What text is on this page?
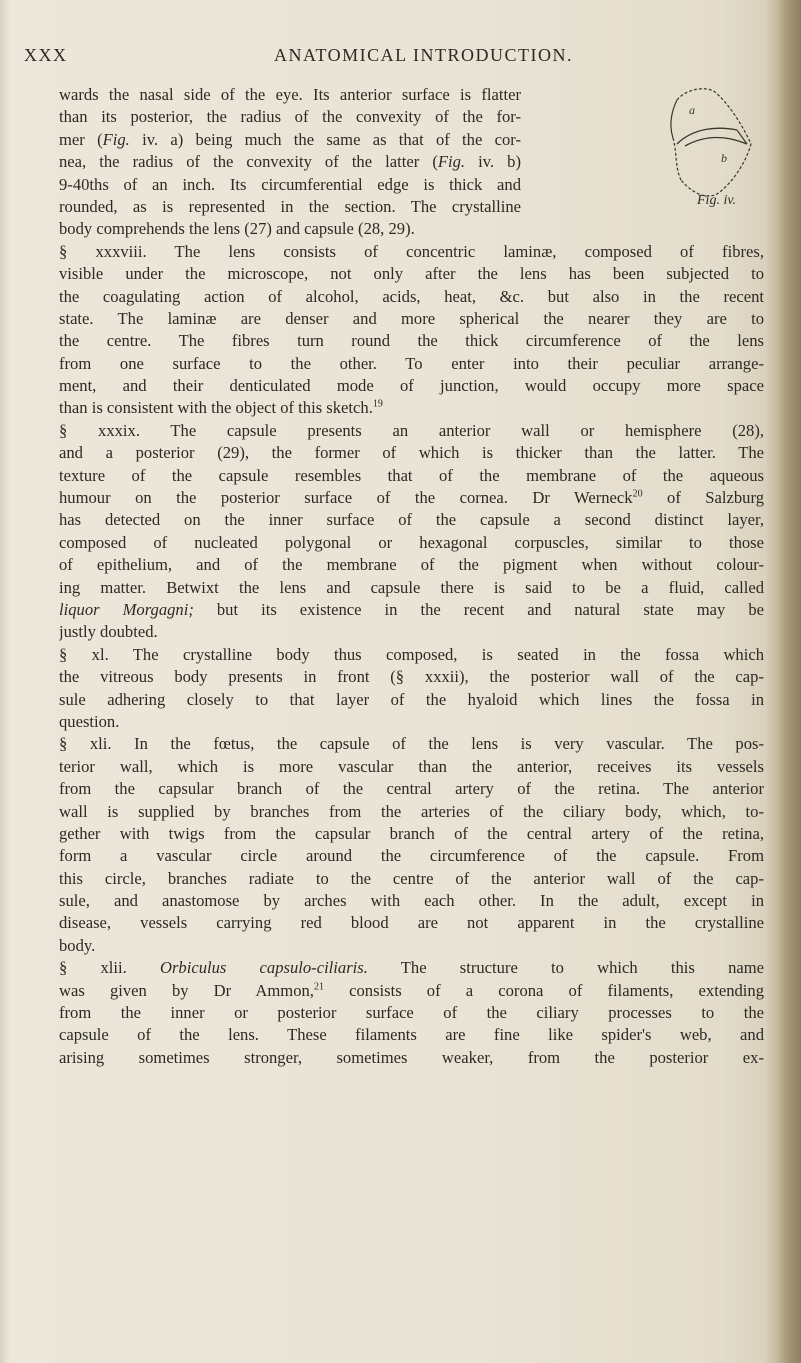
XXX	ANATOMICAL INTRODUCTION.
a
b
Fig. iv.
wards the nasal side of the eye. Its anterior surface is flatter
than its posterior, the radius of the convexity of the for-
mer (Fig. iv. a) being much the same as that of the cor-
nea, the radius of the convexity of the latter (Fig. iv. b)
9-40ths of an inch. Its circumferential edge is thick and
rounded, as is represented in the section. The crystalline
body comprehends the lens (27) and capsule (28, 29).
§ xxxviii. The lens consists of concentric laminæ, composed of fibres,
visible under the microscope, not only after the lens has been subjected to
the coagulating action of alcohol, acids, heat, &c. but also in the recent
state. The laminæ are denser and more spherical the nearer they are to
the centre. The fibres turn round the thick circumference of the lens
from one surface to the other. To enter into their peculiar arrange-
ment, and their denticulated mode of junction, would occupy more space
than is consistent with the object of this sketch.$^{19}$
§ xxxix. The capsule presents an anterior wall or hemisphere (28),
and a posterior (29), the former of which is thicker than the latter. The
texture of the capsule resembles that of the membrane of the aqueous
humour on the posterior surface of the cornea. Dr Werneck$^{20}$ of Salzburg
has detected on the inner surface of the capsule a second distinct layer,
composed of nucleated polygonal or hexagonal corpuscles, similar to those
of epithelium, and of the membrane of the pigment when without colour-
ing matter. Betwixt the lens and capsule there is said to be a fluid, called
liquor Morgagni; but its existence in the recent and natural state may be
justly doubted.
§ xl. The crystalline body thus composed, is seated in the fossa which
the vitreous body presents in front (§ xxxii), the posterior wall of the cap-
sule adhering closely to that layer of the hyaloid which lines the fossa in
question.
§ xli. In the fœtus, the capsule of the lens is very vascular. The pos-
terior wall, which is more vascular than the anterior, receives its vessels
from the capsular branch of the central artery of the retina. The anterior
wall is supplied by branches from the arteries of the ciliary body, which, to-
gether with twigs from the capsular branch of the central artery of the retina,
form a vascular circle around the circumference of the capsule. From
this circle, branches radiate to the centre of the anterior wall of the cap-
sule, and anastomose by arches with each other. In the adult, except in
disease, vessels carrying red blood are not apparent in the crystalline
body.
§ xlii. Orbiculus capsulo-ciliaris. The structure to which this name
was given by Dr Ammon,$^{21}$ consists of a corona of filaments, extending
from the inner or posterior surface of the ciliary processes to the
capsule of the lens. These filaments are fine like spider's web, and
arising sometimes stronger, sometimes weaker, from the posterior ex-
